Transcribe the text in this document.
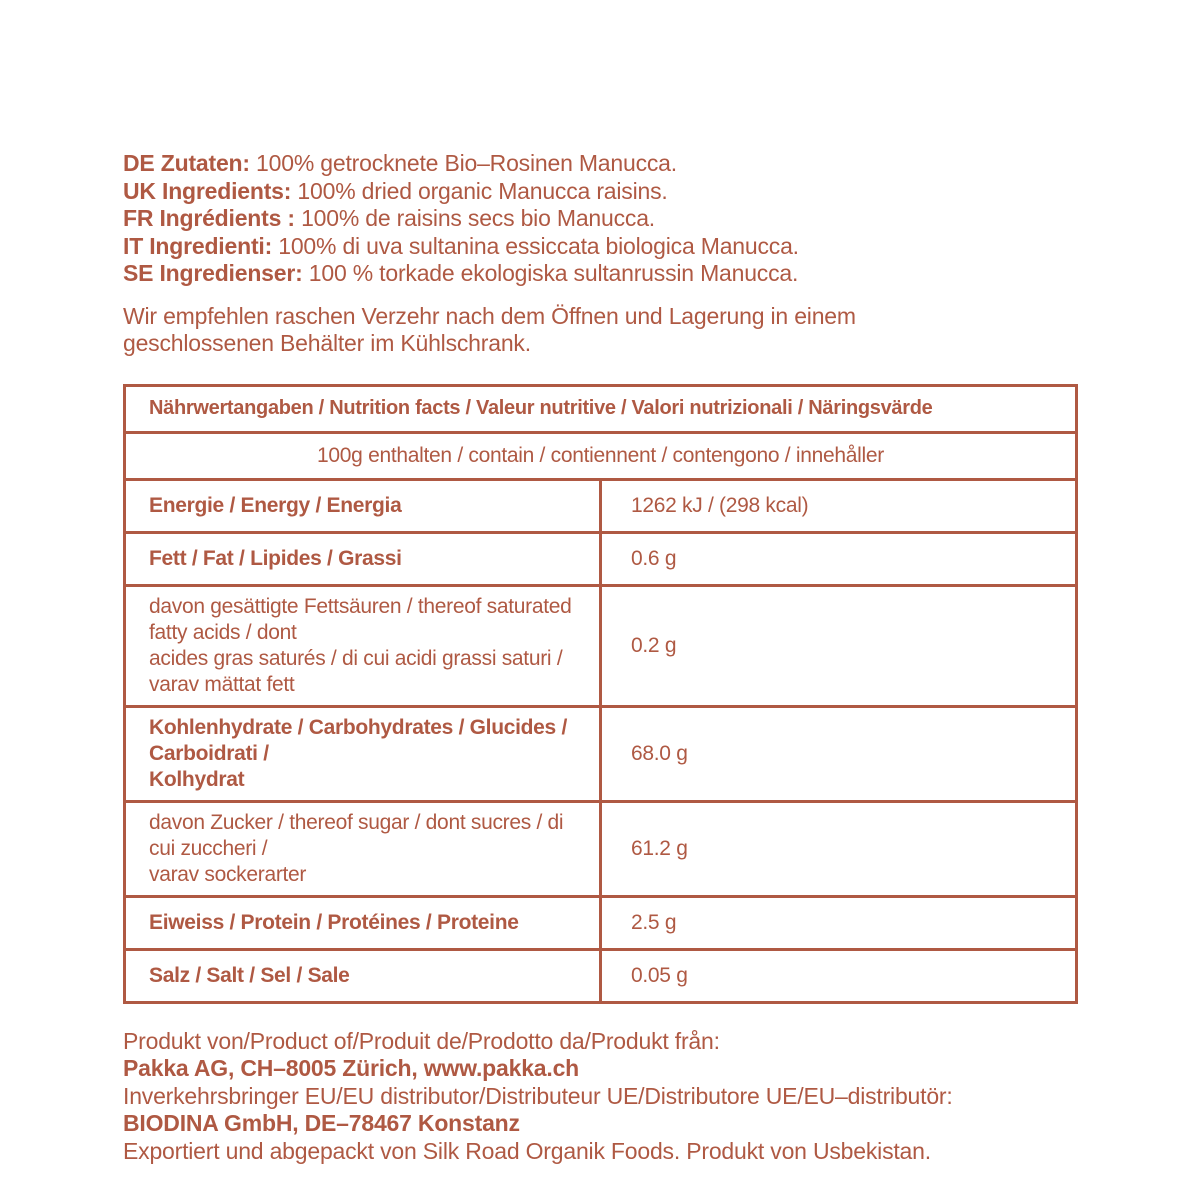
DE Zutaten: 100% getrocknete Bio–Rosinen Manucca.
UK Ingredients: 100% dried organic Manucca raisins.
FR Ingrédients : 100% de raisins secs bio Manucca.
IT Ingredienti: 100% di uva sultanina essiccata biologica Manucca.
SE Ingredienser: 100 % torkade ekologiska sultanrussin Manucca.
Wir empfehlen raschen Verzehr nach dem Öffnen und Lagerung in einem
geschlossenen Behälter im Kühlschrank.
Nährwertangaben / Nutrition facts / Valeur nutritive / Valori nutrizionali / Näringsvärde	
100g enthalten / contain / contiennent / contengono / innehåller	

Energie / Energy / Energia	1262 kJ / (298 kcal)

Fett / Fat / Lipides / Grassi	0.6 g

davon gesättigte Fettsäuren / thereof saturated fatty acids / dont
acides gras saturés / di cui acidi grassi saturi / varav mättat fett	0.2 g

Kohlenhydrate / Carbohydrates / Glucides / Carboidrati /
Kolhydrat	68.0 g

davon Zucker / thereof sugar / dont sucres / di cui zuccheri /
varav sockerarter	61.2 g

Eiweiss / Protein / Protéines / Proteine	2.5 g

Salz / Salt / Sel / Sale	0.05 g
Produkt von/Product of/Produit de/Prodotto da/Produkt från:
Pakka AG, CH–8005 Zürich, www.pakka.ch
Inverkehrsbringer EU/EU distributor/Distributeur UE/Distributore UE/EU–distributör:
BIODINA GmbH, DE–78467 Konstanz
Exportiert und abgepackt von Silk Road Organik Foods. Produkt von Usbekistan.
